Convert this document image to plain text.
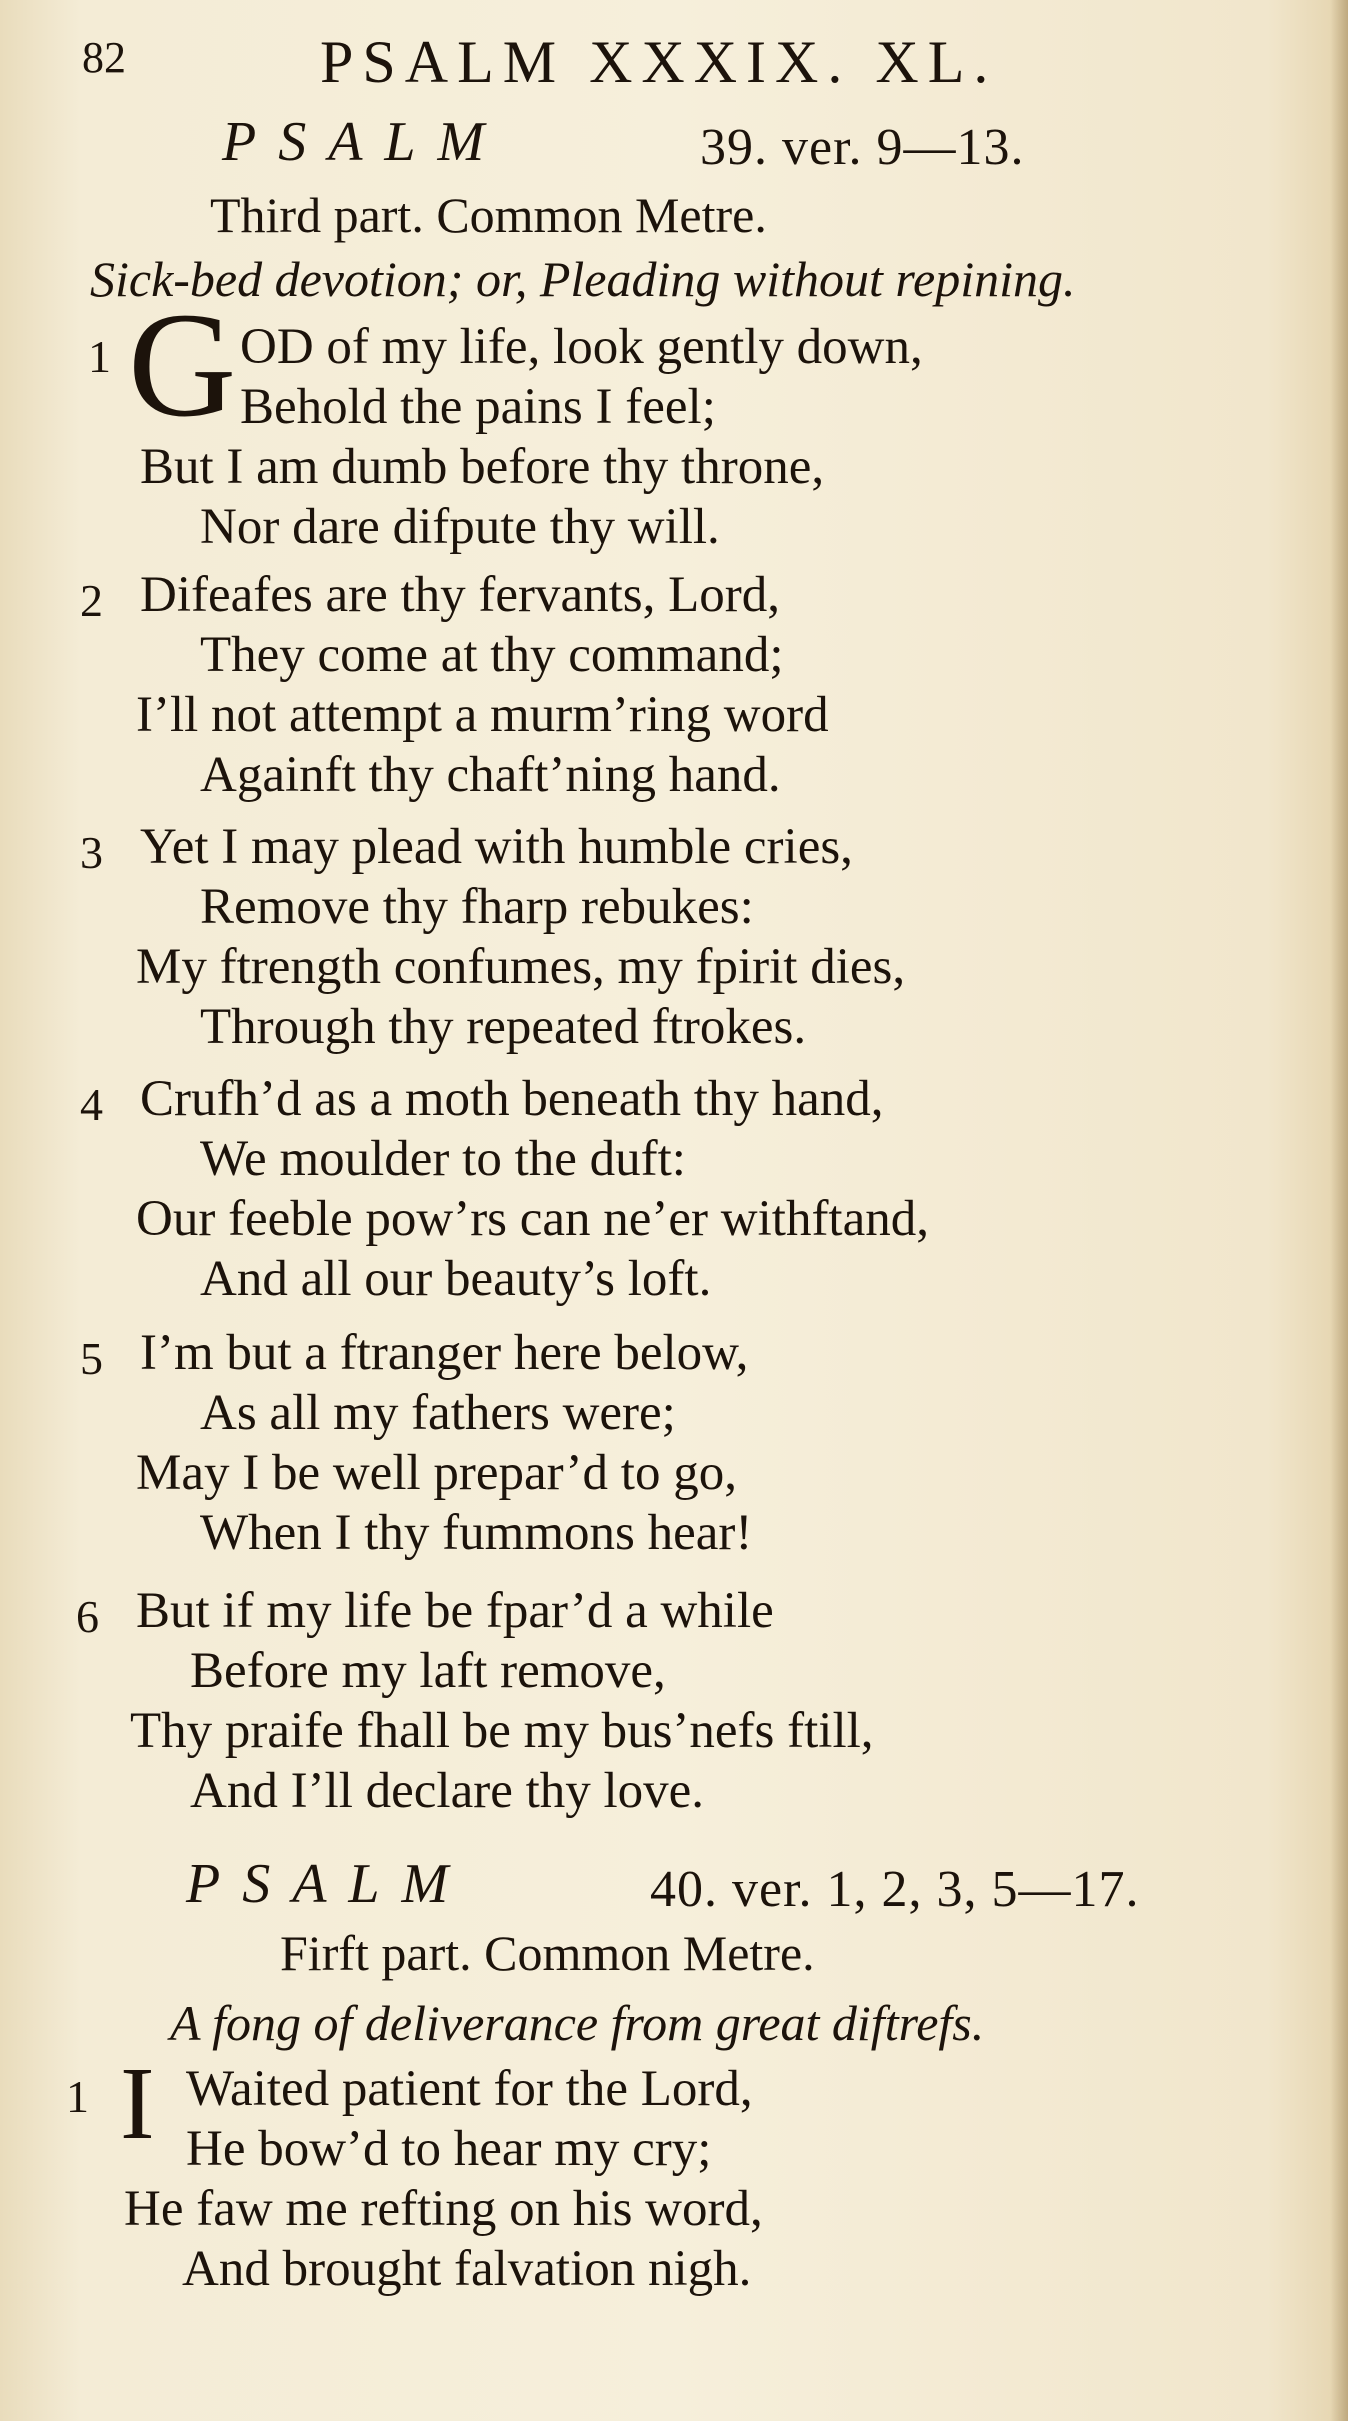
82	PSALM XXXIX. XL.
PSALM	39. ver. 9—13.
Third part. Common Metre.
Sick-bed devotion; or, Pleading without repining.
1 G OD of my life, look gently down,
Behold the pains I feel;
But I am dumb before thy throne,
Nor dare difpute thy will.
2 Difeafes are thy fervants, Lord,
They come at thy command;
I’ll not attempt a murm’ring word
Againft thy chaft’ning hand.
3 Yet I may plead with humble cries,
Remove thy fharp rebukes:
My ftrength confumes, my fpirit dies,
Through thy repeated ftrokes.
4 Crufh’d as a moth beneath thy hand,
We moulder to the duft:
Our feeble pow’rs can ne’er withftand,
And all our beauty’s loft.
5 I’m but a ftranger here below,
As all my fathers were;
May I be well prepar’d to go,
When I thy fummons hear!
6 But if my life be fpar’d a while
Before my laft remove,
Thy praife fhall be my bus’nefs ftill,
And I’ll declare thy love.
PSALM	40. ver. 1, 2, 3, 5—17.
Firft part. Common Metre.
A fong of deliverance from great diftrefs.
1 I Waited patient for the Lord,
He bow’d to hear my cry;
He faw me refting on his word,
And brought falvation nigh.
